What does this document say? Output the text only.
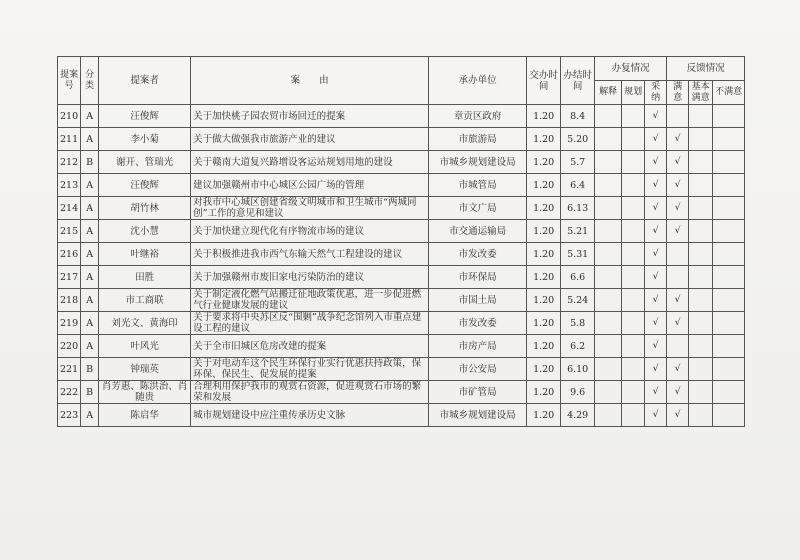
提案号	分类	提案者	案　　由	承办单位	交办时间	办结时间	办复情况			反馈情况		
							解释	规划	采纳	满意	基本满意	不满意
210	A	汪俊辉	关于加快桃子园农贸市场回迁的提案	章贡区政府	1.20	8.4			√			
211	A	李小菊	关于做大做强我市旅游产业的建议	市旅游局	1.20	5.20			√	√		
212	B	谢开、管瑞光	关于赣南大道复兴路增设客运站规划用地的建设	市城乡规划建设局	1.20	5.7			√	√		
213	A	汪俊辉	建议加强赣州市中心城区公园广场的管理	市城管局	1.20	6.4			√	√		
214	A	胡竹林	对我市中心城区创建省级文明城市和卫生城市“两城同创”工作的意见和建议	市文广局	1.20	6.13			√	√		
215	A	沈小慧	关于加快建立现代化有序物流市场的建议	市交通运输局	1.20	5.21			√	√		
216	A	叶继裕	关于积极推进我市西气东输天然气工程建设的建议	市发改委	1.20	5.31			√			
217	A	田胜	关于加强赣州市废旧家电污染防治的建议	市环保局	1.20	6.6			√			
218	A	市工商联	关于制定液化燃气站搬迁征地政策优惠，进一步促进燃气行业健康发展的建议	市国土局	1.20	5.24			√	√		
219	A	刘光文、黄海印	关于要求将中央苏区反“围剿”战争纪念馆列入市重点建设工程的建议	市发改委	1.20	5.8			√	√		
220	A	叶风光	关于全市旧城区危房改建的提案	市房产局	1.20	6.2			√			
221	B	钟瑞英	关于对电动车这个民生环保行业实行优惠扶持政策，保环保、保民生、促发展的提案	市公安局	1.20	6.10			√	√		
222	B	肖芳惠、陈洪治、肖随贵	合理利用保护我市的观赏石资源，促进观赏石市场的繁荣和发展	市矿管局	1.20	9.6			√	√		
223	A	陈启华	城市规划建设中应注重传承历史文脉	市城乡规划建设局	1.20	4.29			√	√		
